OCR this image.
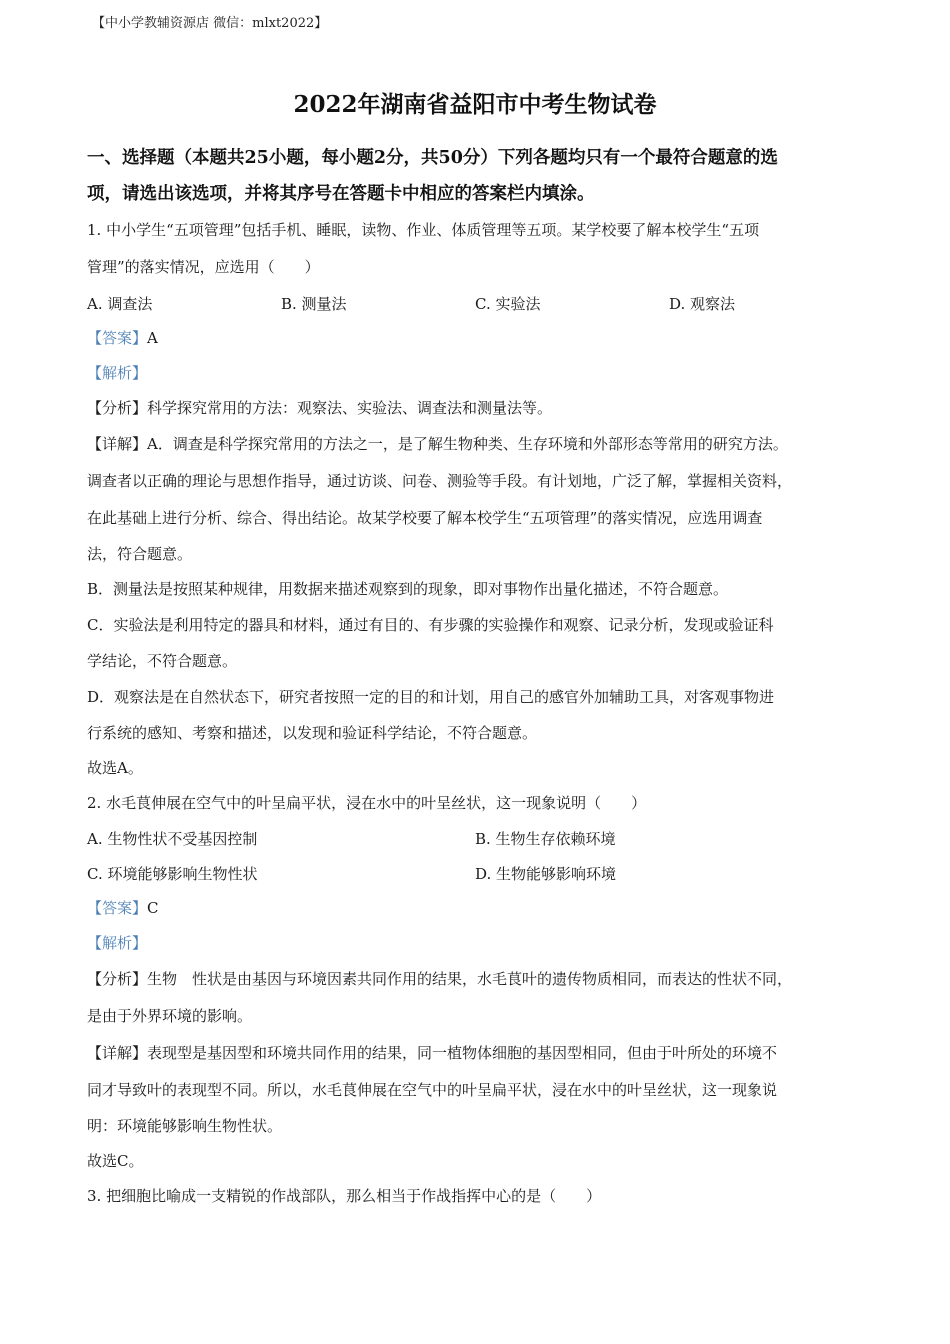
【中小学教辅资源店 微信：mlxt2022】
2022年湖南省益阳市中考生物试卷
一、选择题（本题共25小题，每小题2分，共50分）下列各题均只有一个最符合题意的选
项，请选出该选项，并将其序号在答题卡中相应的答案栏内填涂。
1. 中小学生“五项管理”包括手机、睡眠，读物、作业、体质管理等五项。某学校要了解本校学生“五项
管理”的落实情况，应选用（　　）
A. 调查法	B. 测量法	C. 实验法	D. 观察法
【答案】A
【解析】
【分析】科学探究常用的方法：观察法、实验法、调查法和测量法等。
【详解】A．调查是科学探究常用的方法之一，是了解生物种类、生存环境和外部形态等常用的研究方法。
调查者以正确的理论与思想作指导，通过访谈、问卷、测验等手段。有计划地，广泛了解，掌握相关资料，
在此基础上进行分析、综合、得出结论。故某学校要了解本校学生“五项管理”的落实情况，应选用调查
法，符合题意。
B．测量法是按照某种规律，用数据来描述观察到的现象，即对事物作出量化描述，不符合题意。
C．实验法是利用特定的器具和材料，通过有目的、有步骤的实验操作和观察、记录分析，发现或验证科
学结论，不符合题意。
D．观察法是在自然状态下，研究者按照一定的目的和计划，用自己的感官外加辅助工具，对客观事物进
行系统的感知、考察和描述，以发现和验证科学结论，不符合题意。
故选A。
2. 水毛茛伸展在空气中的叶呈扁平状，浸在水中的叶呈丝状，这一现象说明（　　）
A. 生物性状不受基因控制	B. 生物生存依赖环境
C. 环境能够影响生物性状	D. 生物能够影响环境
【答案】C
【解析】
【分析】生物　性状是由基因与环境因素共同作用的结果，水毛茛叶的遗传物质相同，而表达的性状不同，
是由于外界环境的影响。
【详解】表现型是基因型和环境共同作用的结果，同一植物体细胞的基因型相同，但由于叶所处的环境不
同才导致叶的表现型不同。所以，水毛茛伸展在空气中的叶呈扁平状，浸在水中的叶呈丝状，这一现象说
明：环境能够影响生物性状。
故选C。
3. 把细胞比喻成一支精锐的作战部队，那么相当于作战指挥中心的是（　　）
